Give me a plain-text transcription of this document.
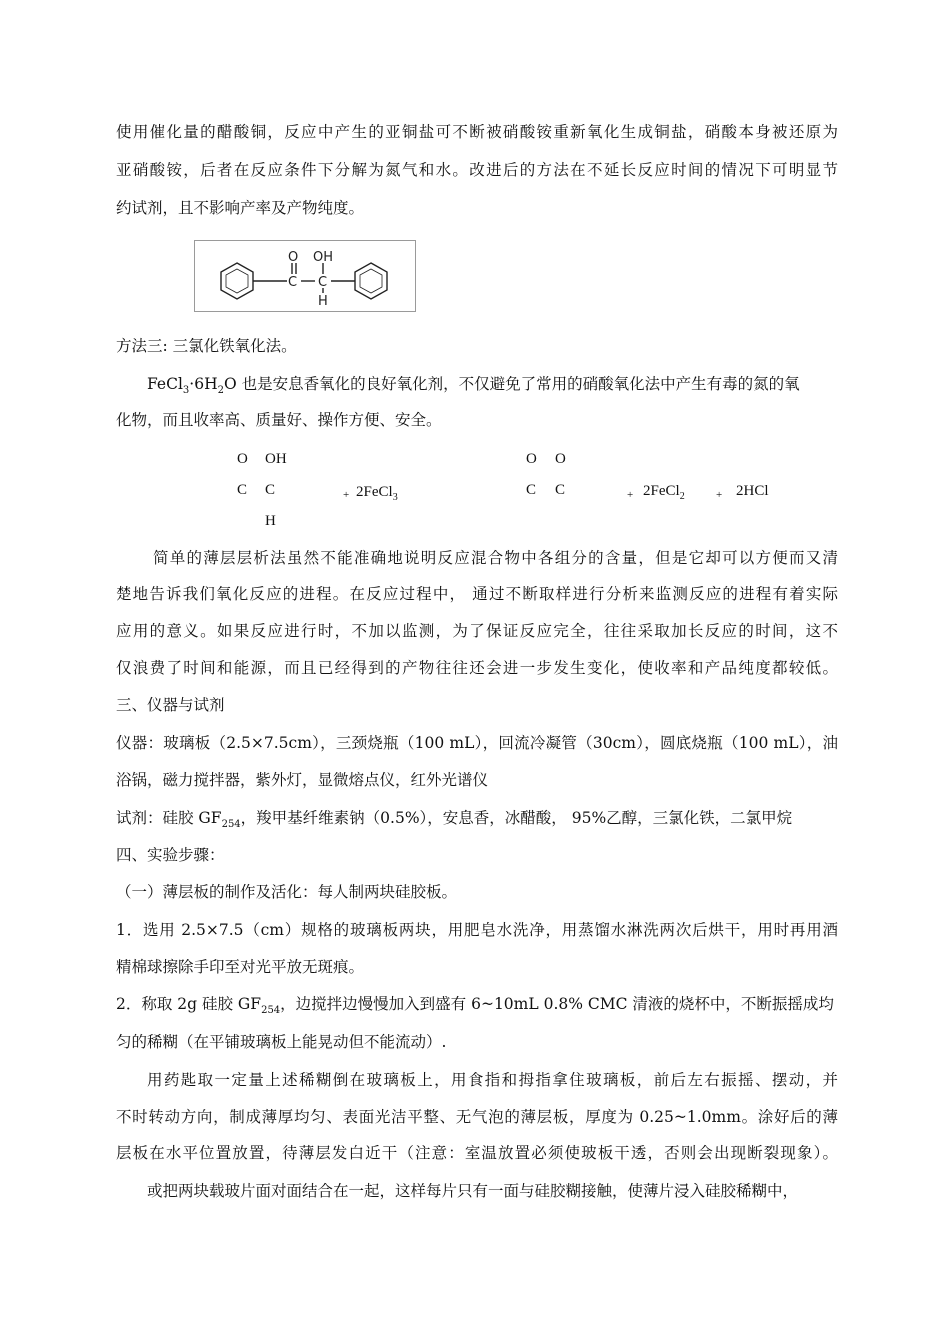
使用催化量的醋酸铜，反应中产生的亚铜盐可不断被硝酸铵重新氧化生成铜盐，硝酸本身被还原为
亚硝酸铵，后者在反应条件下分解为氮气和水。改进后的方法在不延长反应时间的情况下可明显节
约试剂，且不影响产率及产物纯度。
O OH
C C
H
方法三: 三氯化铁氧化法。
$FeCl_3\cdot 6H_2O$ 也是安息香氧化的良好氧化剂，不仅避免了常用的硝酸氧化法中产生有毒的氮的氧
化物，而且收率高、质量好、操作方便、安全。
O OH
C C
H
+ 2FeCl$_3$
O O
C C	+ 2FeCl$_2$	+ 2HCl
简单的薄层层析法虽然不能准确地说明反应混合物中各组分的含量，但是它却可以方便而又清
楚地告诉我们氧化反应的进程。在反应过程中， 通过不断取样进行分析来监测反应的进程有着实际
应用的意义。如果反应进行时，不加以监测，为了保证反应完全，往往采取加长反应的时间，这不
仅浪费了时间和能源，而且已经得到的产物往往还会进一步发生变化，使收率和产品纯度都较低。
三、仪器与试剂
仪器：玻璃板（2.5×7.5cm），三颈烧瓶（100 mL），回流冷凝管（30cm），圆底烧瓶（100 mL），油
浴锅，磁力搅拌器，紫外灯，显微熔点仪，红外光谱仪
试剂：硅胶 $GF_{254}$，羧甲基纤维素钠（0.5%），安息香，冰醋酸， 95%乙醇，三氯化铁，二氯甲烷
四、实验步骤：
（一）薄层板的制作及活化：每人制两块硅胶板。
1．选用 2.5×7.5（cm）规格的玻璃板两块，用肥皂水洗净，用蒸馏水淋洗两次后烘干，用时再用酒
精棉球擦除手印至对光平放无斑痕。
2．称取 2g 硅胶 $GF_{254}$，边搅拌边慢慢加入到盛有 6~10mL 0.8% CMC 清液的烧杯中，不断振摇成均
匀的稀糊（在平铺玻璃板上能晃动但不能流动）.
用药匙取一定量上述稀糊倒在玻璃板上，用食指和拇指拿住玻璃板，前后左右振摇、摆动，并
不时转动方向，制成薄厚均匀、表面光洁平整、无气泡的薄层板，厚度为 0.25~1.0mm。涂好后的薄
层板在水平位置放置，待薄层发白近干（注意：室温放置必须使玻板干透，否则会出现断裂现象）。
或把两块载玻片面对面结合在一起，这样每片只有一面与硅胶糊接触，使薄片浸入硅胶稀糊中，
